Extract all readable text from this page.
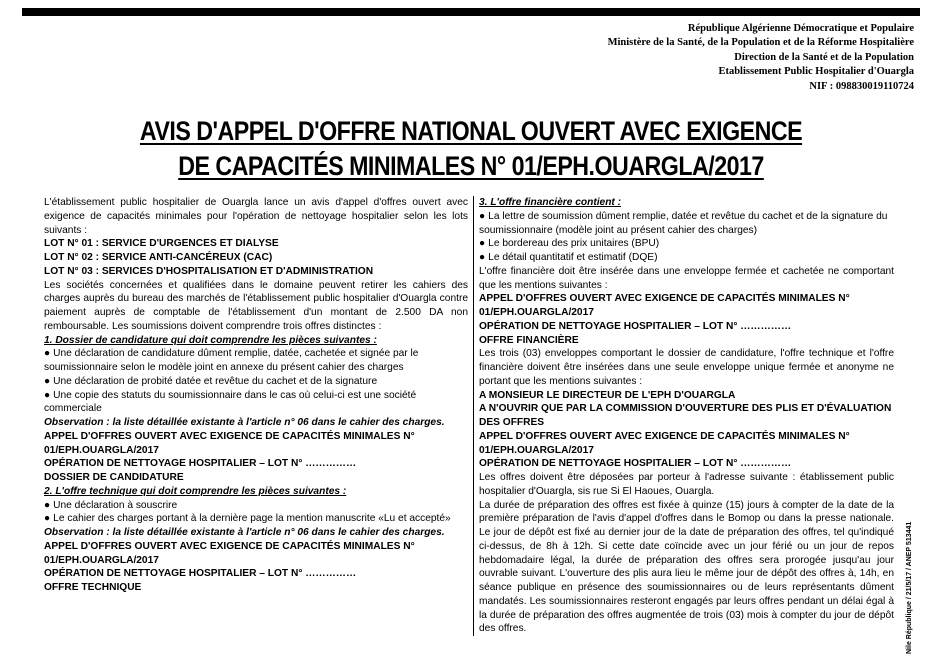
République Algérienne Démocratique et Populaire
Ministère de la Santé, de la Population et de la Réforme Hospitalière
Direction de la Santé et de la Population
Etablissement Public Hospitalier d'Ouargla
NIF : 098830019110724
AVIS D'APPEL D'OFFRE NATIONAL OUVERT AVEC EXIGENCE
DE CAPACITÉS MINIMALES N° 01/EPH.OUARGLA/2017

L'établissement public hospitalier de Ouargla lance un avis d'appel d'offres ouvert avec exigence de capacités minimales pour l'opération de nettoyage hospitalier selon les lots suivants :

LOT N° 01 : SERVICE D'URGENCES ET DIALYSE

LOT N° 02 : SERVICE ANTI-CANCÉREUX (CAC)

LOT N° 03 : SERVICES D'HOSPITALISATION ET D'ADMINISTRATION

Les sociétés concernées et qualifiées dans le domaine peuvent retirer les cahiers des charges auprès du bureau des marchés de l'établissement public hospitalier d'Ouargla contre paiement auprès de comptable de l'établissement d'un montant de 2.500 DA non remboursable. Les soumissions doivent comprendre trois offres distinctes :

1. Dossier de candidature qui doit comprendre les pièces suivantes :

● Une déclaration de candidature dûment remplie, datée, cachetée et signée par le soumissionnaire selon le modèle joint en annexe du présent cahier des charges

● Une déclaration de probité datée et revêtue du cachet et de la signature

● Une copie des statuts du soumissionnaire dans le cas où celui-ci est une société commerciale

Observation : la liste détaillée existante à l'article n° 06 dans le cahier des charges.

APPEL D'OFFRES OUVERT AVEC EXIGENCE DE CAPACITÉS MINIMALES N° 01/EPH.OUARGLA/2017

OPÉRATION DE NETTOYAGE HOSPITALIER – LOT N° ……………

DOSSIER DE CANDIDATURE

2. L'offre technique qui doit comprendre les pièces suivantes :

● Une déclaration à souscrire

● Le cahier des charges portant à la dernière page la mention manuscrite «Lu et accepté»

Observation : la liste détaillée existante à l'article n° 06 dans le cahier des charges.

APPEL D'OFFRES OUVERT AVEC EXIGENCE DE CAPACITÉS MINIMALES N° 01/EPH.OUARGLA/2017

OPÉRATION DE NETTOYAGE HOSPITALIER – LOT N° ……………

OFFRE TECHNIQUE

3. L'offre financière contient :

● La lettre de soumission dûment remplie, datée et revêtue du cachet et de la signature du soumissionnaire (modèle joint au présent cahier des charges)

● Le bordereau des prix unitaires (BPU)

● Le détail quantitatif et estimatif (DQE)

L'offre financière doit être insérée dans une enveloppe fermée et cachetée ne comportant que les mentions suivantes :

APPEL D'OFFRES OUVERT AVEC EXIGENCE DE CAPACITÉS MINIMALES N° 01/EPH.OUARGLA/2017

OPÉRATION DE NETTOYAGE HOSPITALIER – LOT N° ……………

OFFRE FINANCIÈRE

Les trois (03) enveloppes comportant le dossier de candidature, l'offre technique et l'offre financière doivent être insérées dans une seule enveloppe unique fermée et anonyme ne portant que les mentions suivantes :

A MONSIEUR LE DIRECTEUR DE L'EPH D'OUARGLA

A N'OUVRIR QUE PAR LA COMMISSION D'OUVERTURE DES PLIS ET D'ÉVALUATION DES OFFRES

APPEL D'OFFRES OUVERT AVEC EXIGENCE DE CAPACITÉS MINIMALES N° 01/EPH.OUARGLA/2017

OPÉRATION DE NETTOYAGE HOSPITALIER – LOT N° ……………

Les offres doivent être déposées par porteur à l'adresse suivante : établissement public hospitalier d'Ouargla, sis rue Si El Haoues, Ouargla.

La durée de préparation des offres est fixée à quinze (15) jours à compter de la date de la première préparation de l'avis d'appel d'offres dans le Bomop ou dans la presse nationale. Le jour de dépôt est fixé au dernier jour de la date de préparation des offres, tel qu'indiqué ci-dessus, de 8h à 12h. Si cette date coïncide avec un jour férié ou un jour de repos hebdomadaire légal, la durée de préparation des offres sera prorogée jusqu'au jour ouvrable suivant. L'ouverture des plis aura lieu le même jour de dépôt des offres à, 14h, en séance publique en présence des soumissionnaires ou de leurs représentants dûment mandatés. Les soumissionnaires resteront engagés par leurs offres pendant un délai égal à la durée de préparation des offres augmentée de trois (03) mois à compter du jour de dépôt des offres.	Nile République / 21/5/17 / ANEP 513441
